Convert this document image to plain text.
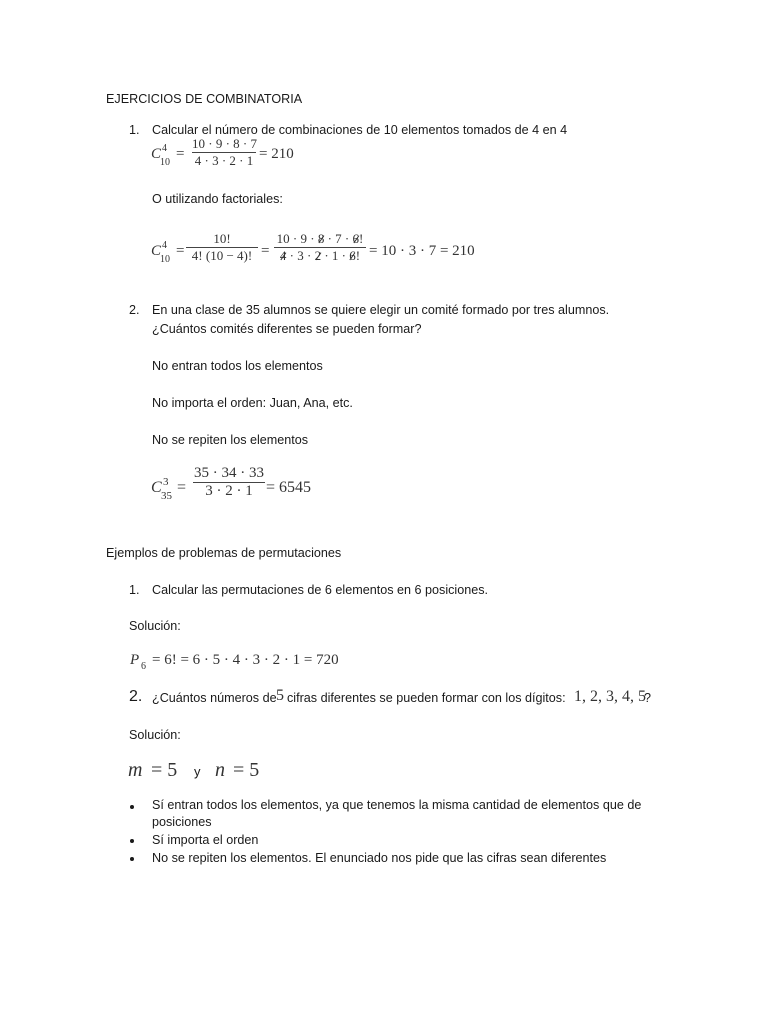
EJERCICIOS DE COMBINATORIA
1. Calcular el número de combinaciones de 10 elementos tomados de 4 en 4
C 4
10
=
10 · 9 · 8 · 7
4 · 3 · 2 · 1 = 210
O utilizando factoriales:
C 4
10
=
10!
4! (10 − 4)! =
10 · 9 · 8 · 7 · 6!
4 · 3 · 2 · 1 · 6! = 10 · 3 · 7 = 210
2. En una clase de 35 alumnos se quiere elegir un comité formado por tres alumnos.
¿Cuántos comités diferentes se pueden formar?
No entran todos los elementos
No importa el orden: Juan, Ana, etc.
No se repiten los elementos
C 3
35 =
35 · 34 · 33
3 · 2 · 1 = 6545
Ejemplos de problemas de permutaciones
1. Calcular las permutaciones de 6 elementos en 6 posiciones.
Solución:
P 6 = 6! = 6 · 5 · 4 · 3 · 2 · 1 = 720
2. ¿Cuántos números de 5 cifras diferentes se pueden formar con los dígitos: 1, 2, 3, 4, 5
?
Solución:
m = 5 y n = 5
Sí entran todos los elementos, ya que tenemos la misma cantidad de elementos que de
posiciones
Sí importa el orden
No se repiten los elementos. El enunciado nos pide que las cifras sean diferentes
